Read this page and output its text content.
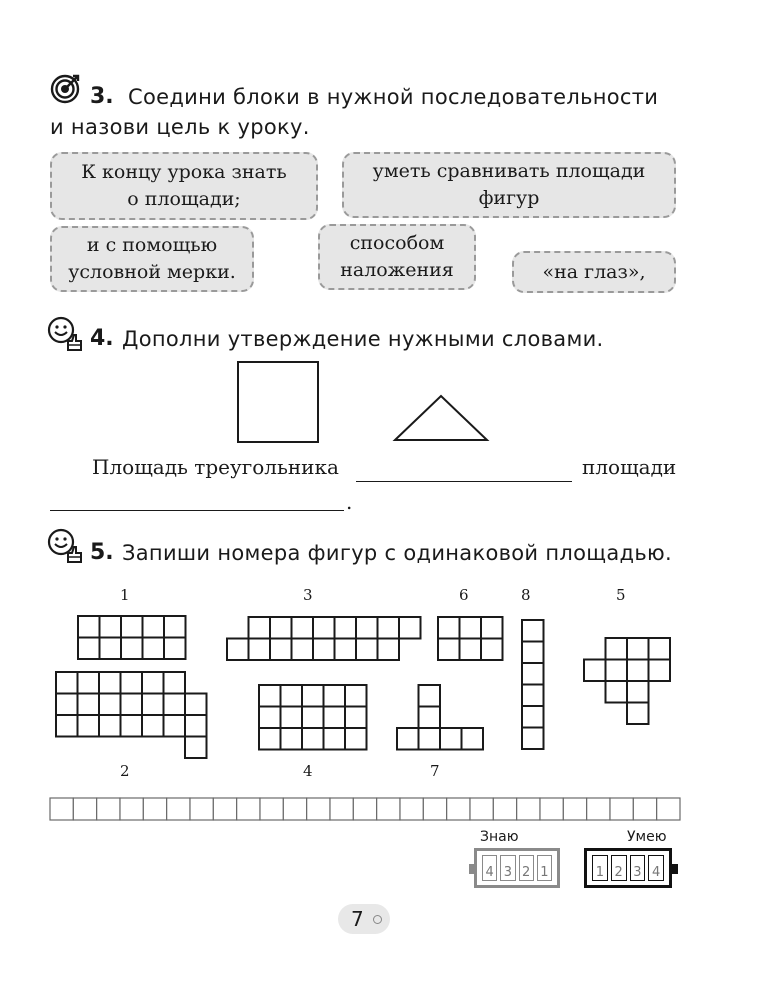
3. Соедини блоки в нужной последовательности
и назови цель к уроку.
К концу урока знать
о площади;
уметь сравнивать площади
фигур
и с помощью
условной мерки.
способом
наложения	«на глаз»,
4. Дополни утверждение нужными словами.
Площадь треугольника	площади
.
5. Запиши номера фигур с одинаковой площадью.
1	3	6	8	5
2	4	7
Знаю	Умею
4 3 2 1	1 2 3 4
7
